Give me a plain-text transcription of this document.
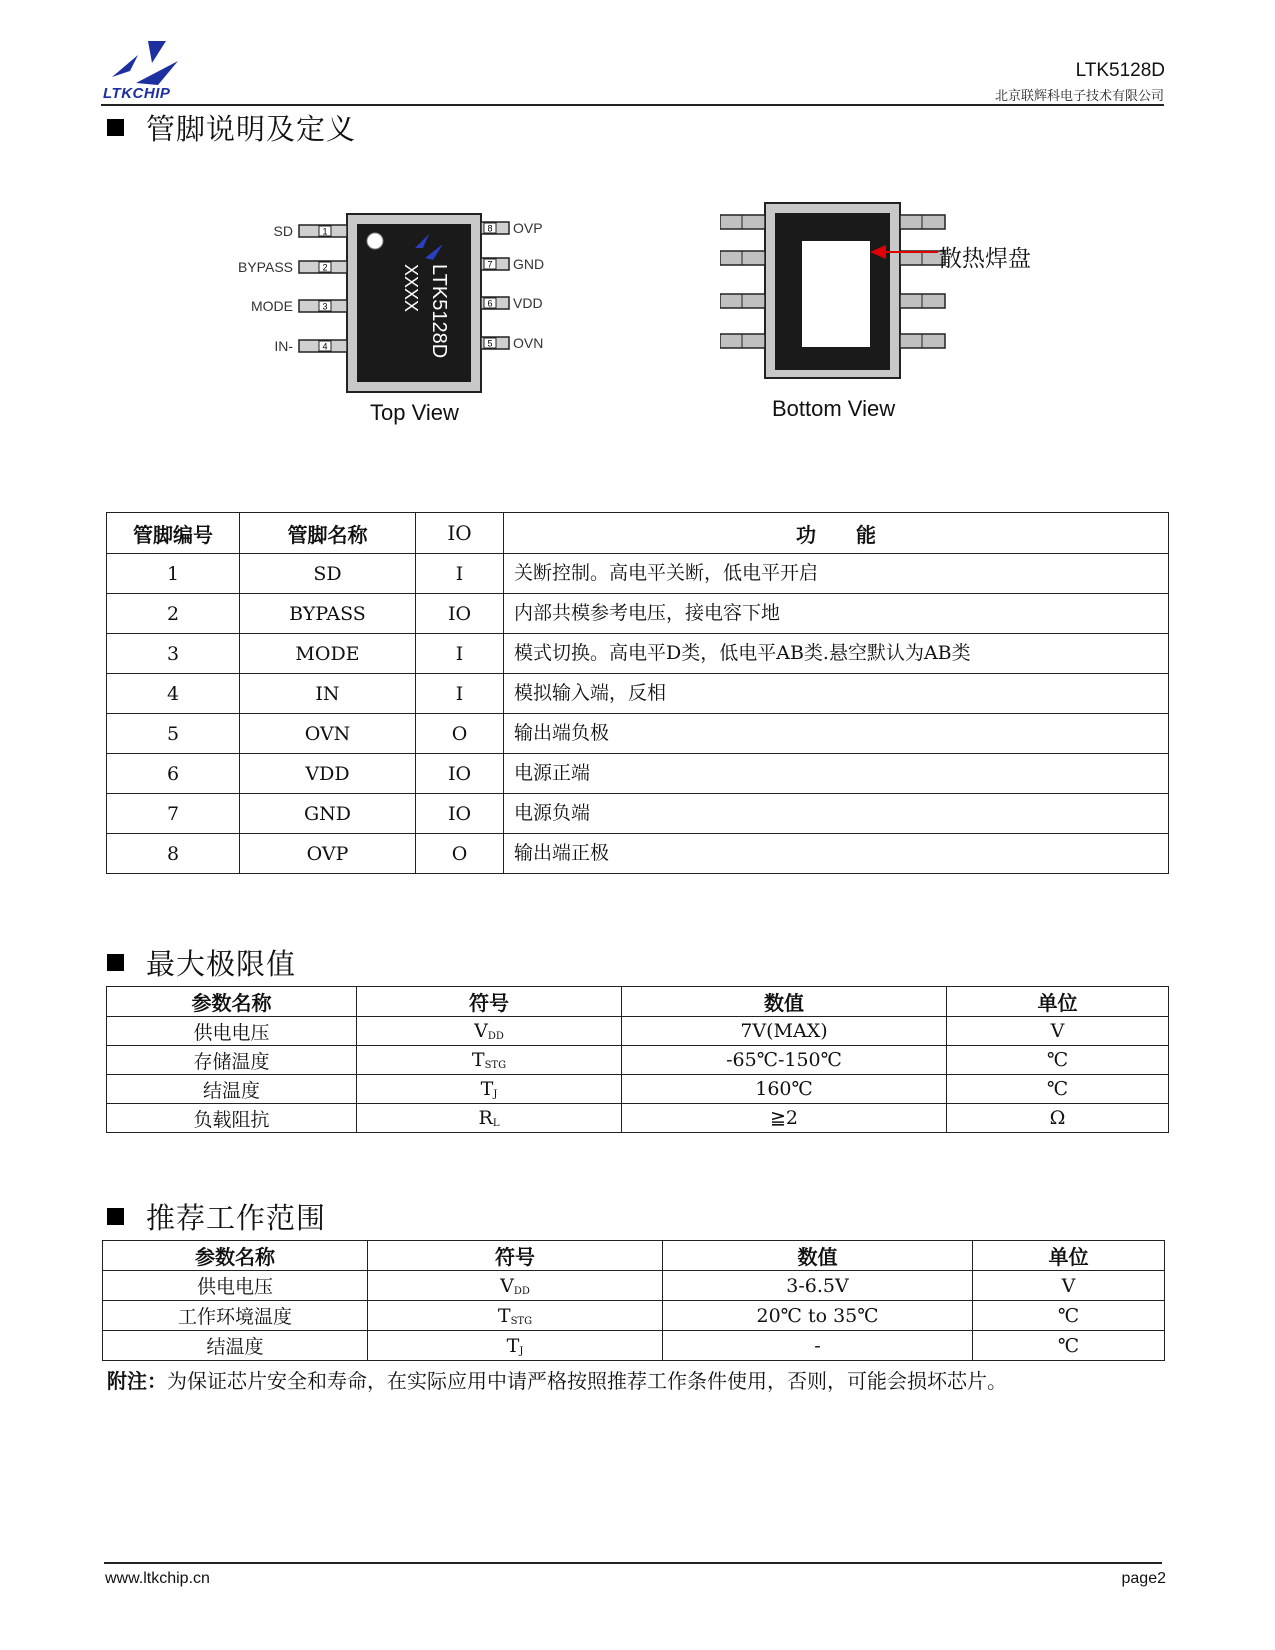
LTKCHIP
LTK5128D
北京联辉科电子技术有限公司
管脚说明及定义
LTK5128D
XXXX
1
SD
2
BYPASS
3
MODE
4
IN-
8 OVP
7 GND
6 VDD
5 OVN
Top View
散热焊盘
Bottom View
管脚编号	管脚名称	IO	功　　能
1	SD	I	关断控制。高电平关断，低电平开启
2	BYPASS	IO	内部共模参考电压，接电容下地
3	MODE	I	模式切换。高电平D类，低电平AB类.悬空默认为AB类
4	IN	I	模拟输入端，反相
5	OVN	O	输出端负极
6	VDD	IO	电源正端
7	GND	IO	电源负端
8	OVP	O	输出端正极
最大极限值
参数名称	符号	数值	单位
供电电压	$V_{DD}$	7V(MAX)	V
存储温度	$T_{STG}$	-65℃-150℃	℃
结温度	$T_J$	160℃	℃
负载阻抗	$R_L$	≧2	Ω
推荐工作范围
参数名称	符号	数值	单位
供电电压	$V_{DD}$	3-6.5V	V
工作环境温度	$T_{STG}$	20℃ to 35℃	℃
结温度	$T_J$	-	℃
附注：为保证芯片安全和寿命，在实际应用中请严格按照推荐工作条件使用，否则，可能会损坏芯片。
www.ltkchip.cn	page2
